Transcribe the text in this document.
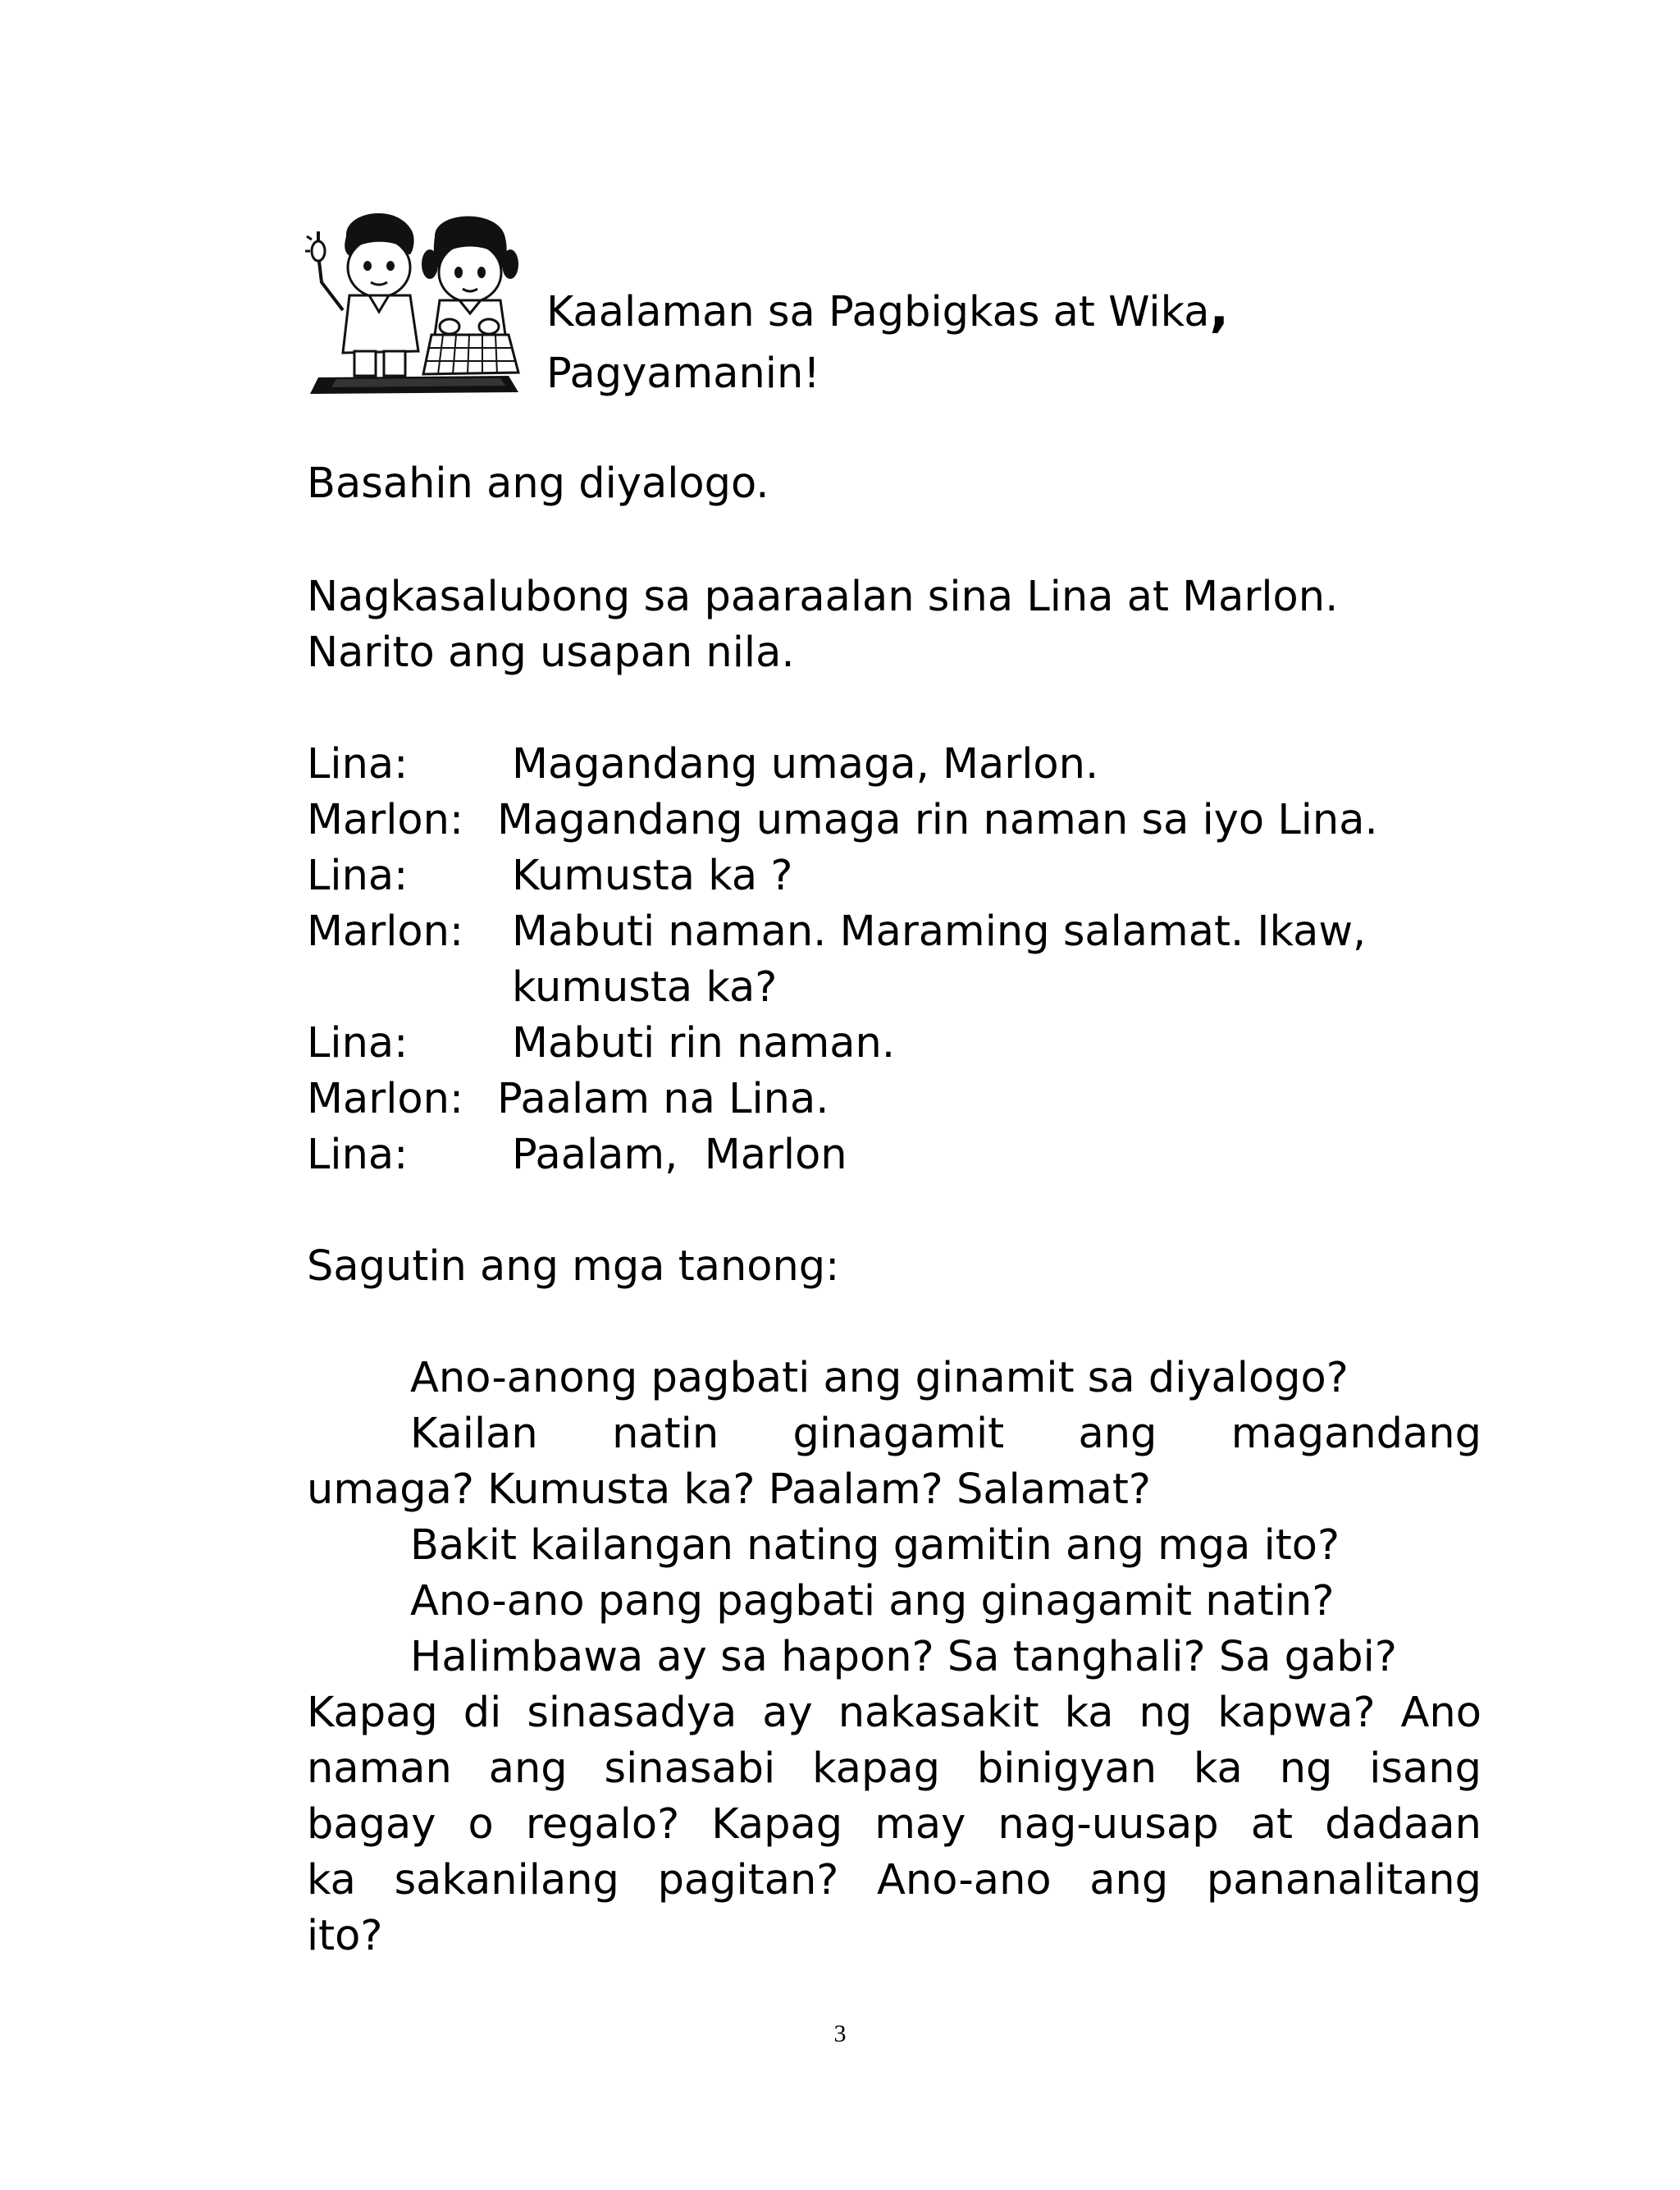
Kaalaman sa Pagbigkas at Wika,
Pagyamanin!
Basahin ang diyalogo.
Nagkasalubong sa paaraalan sina Lina at Marlon.
Narito ang usapan nila.
Lina: Magandang umaga, Marlon.
Marlon: Magandang umaga rin naman sa iyo Lina.
Lina: Kumusta ka ?
Marlon: Mabuti naman. Maraming salamat. Ikaw,
kumusta ka?
Lina: Mabuti rin naman.
Marlon: Paalam na Lina.
Lina: Paalam,  Marlon
Sagutin ang mga tanong:
Ano-anong pagbati ang ginamit sa diyalogo?
Kailan natin ginagamit ang magandang
umaga? Kumusta ka? Paalam? Salamat?
Bakit kailangan nating gamitin ang mga ito?
Ano-ano pang pagbati ang ginagamit natin?
Halimbawa ay sa hapon? Sa tanghali? Sa gabi?
Kapag di sinasadya ay nakasakit ka ng kapwa? Ano
naman ang sinasabi kapag binigyan ka ng isang
bagay o regalo? Kapag may nag-uusap at dadaan
ka sakanilang pagitan? Ano-ano ang pananalitang
ito?
3
